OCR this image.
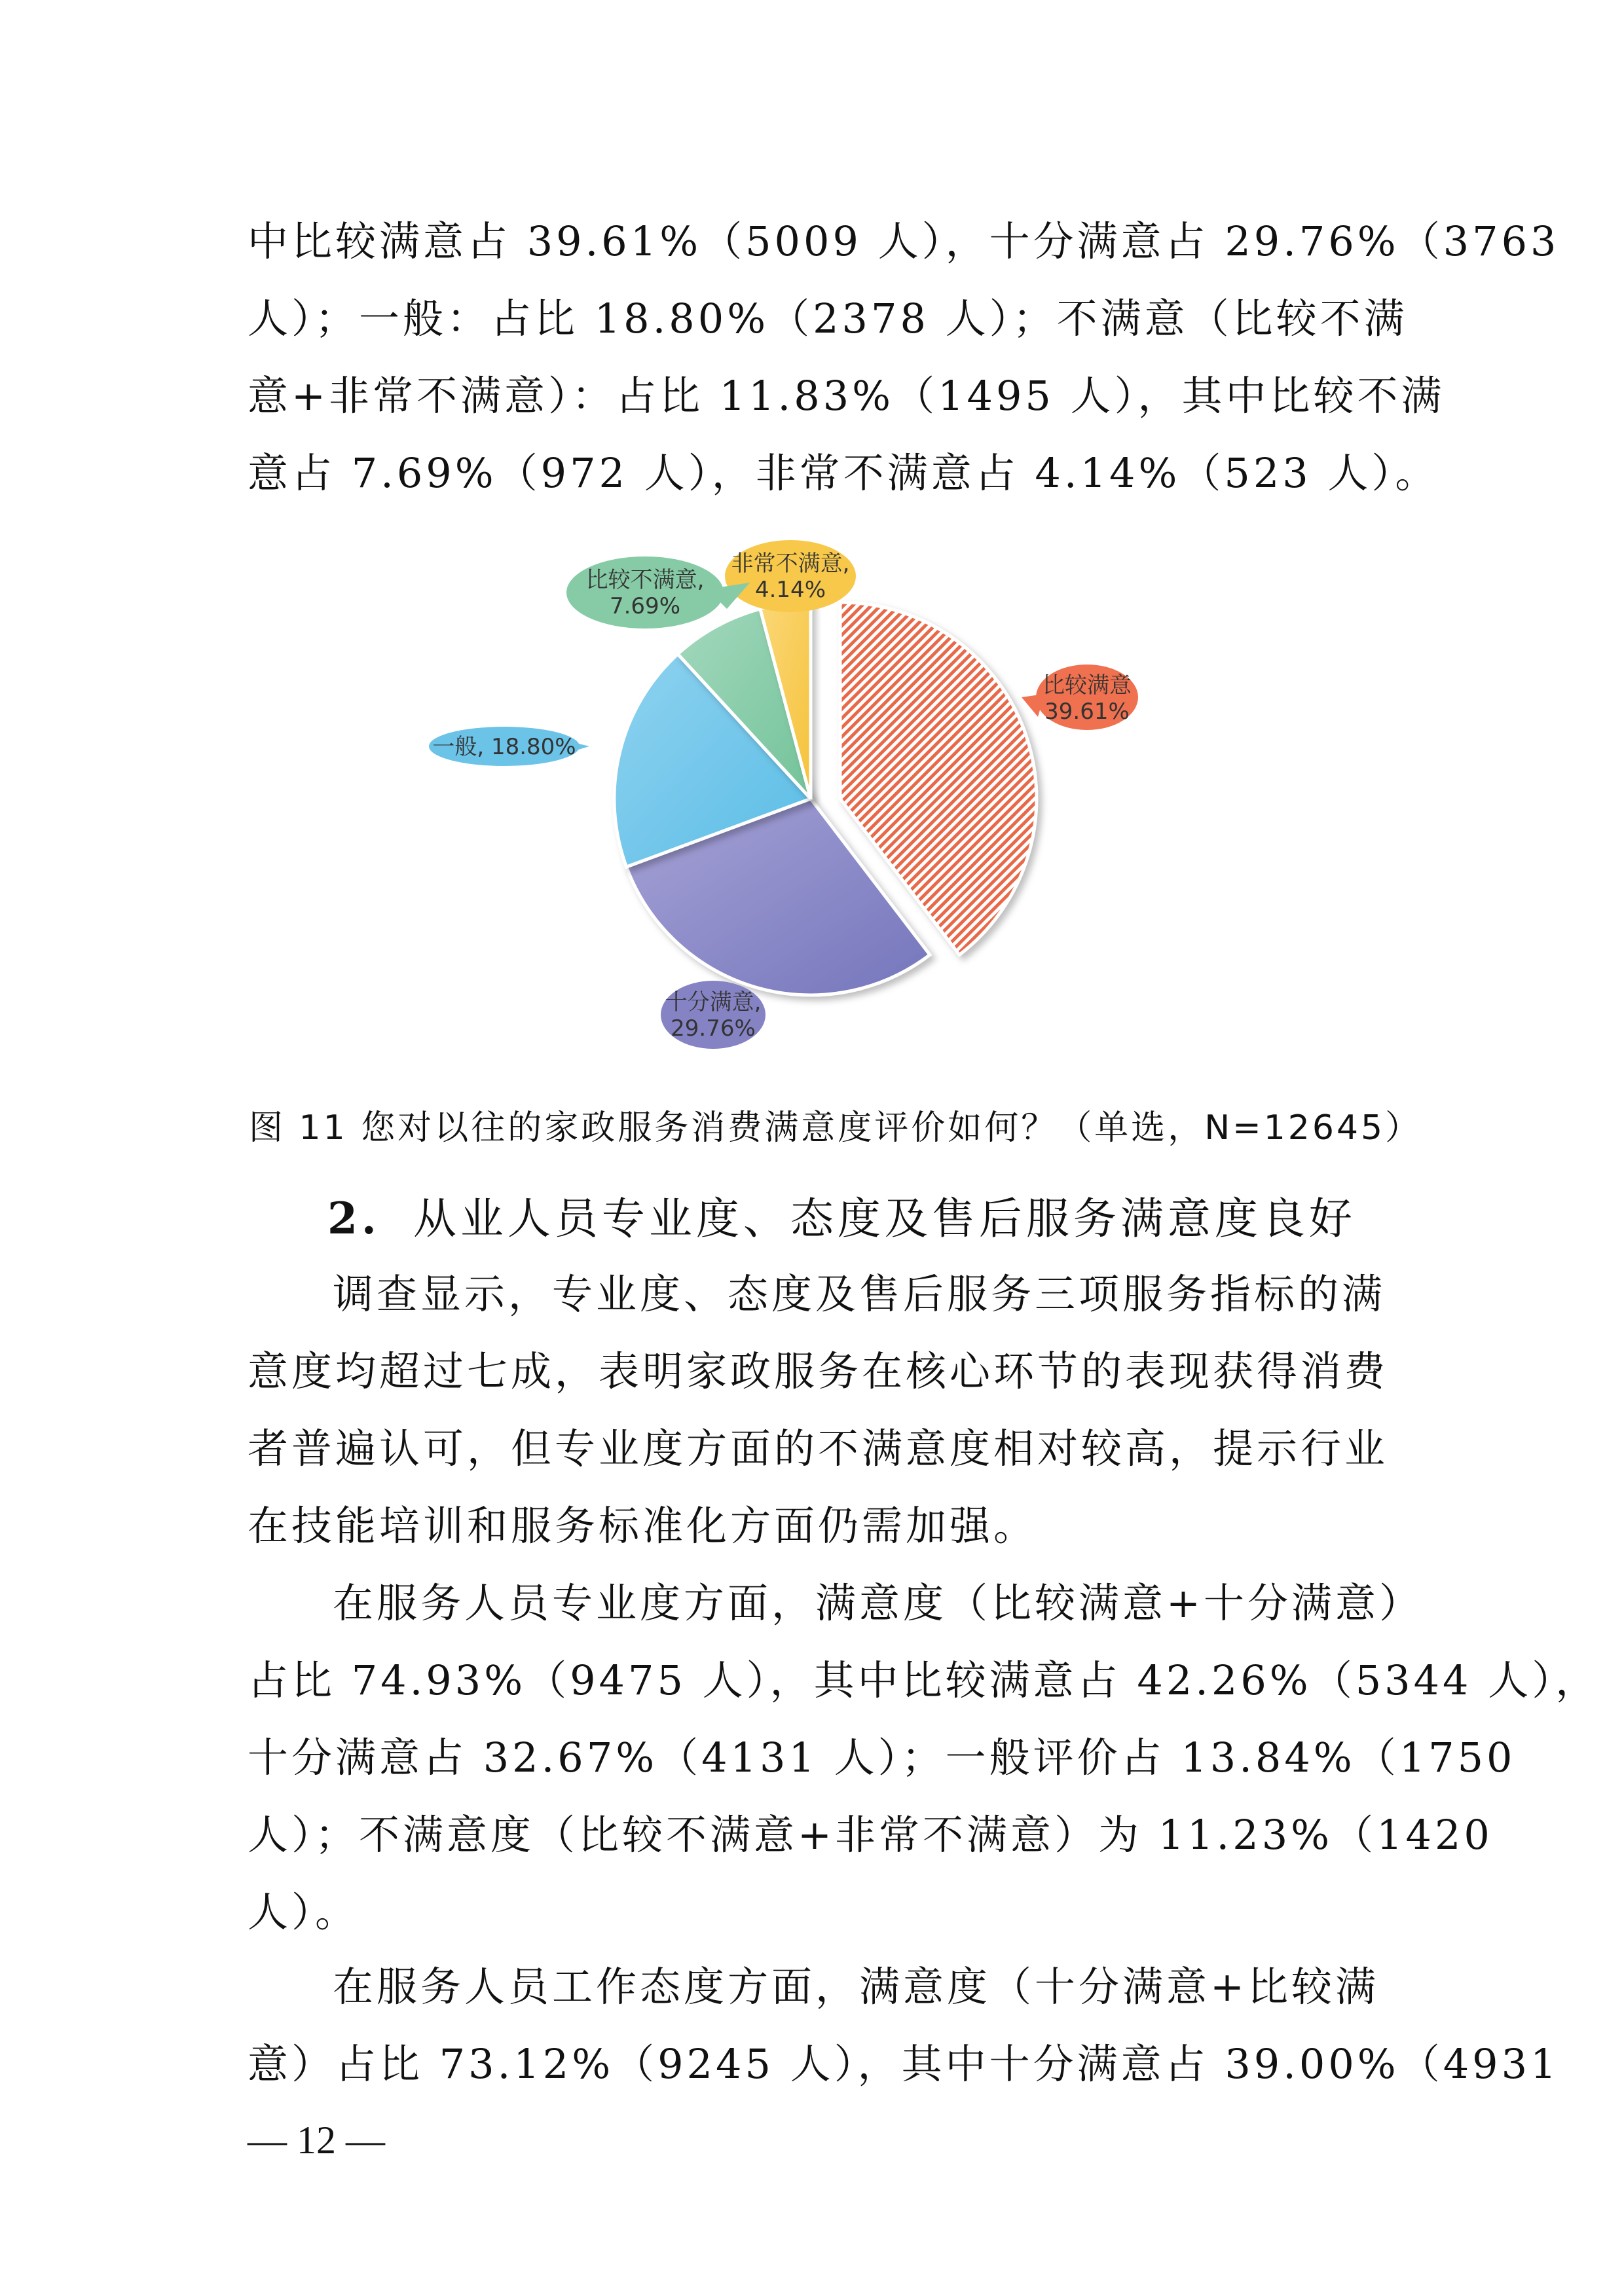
中比较满意占 39.61%（5009 人），十分满意占 29.76%（3763
人）；一般：占比 18.80%（2378 人）；不满意（比较不满
意+非常不满意）：占比 11.83%（1495 人），其中比较不满
意占 7.69%（972 人），非常不满意占 4.14%（523 人）。
非常不满意,
4.14%
比较不满意,
7.69%
一般, 18.80%
比较满意
39.61%
十分满意,
29.76%
图 11 您对以往的家政服务消费满意度评价如何？（单选，N=12645）
2. 从业人员专业度、态度及售后服务满意度良好
调查显示，专业度、态度及售后服务三项服务指标的满
意度均超过七成，表明家政服务在核心环节的表现获得消费
者普遍认可，但专业度方面的不满意度相对较高，提示行业
在技能培训和服务标准化方面仍需加强。
在服务人员专业度方面，满意度（比较满意+十分满意）
占比 74.93%（9475 人），其中比较满意占 42.26%（5344 人），
十分满意占 32.67%（4131 人）；一般评价占 13.84%（1750
人）；不满意度（比较不满意+非常不满意）为 11.23%（1420
人）。
在服务人员工作态度方面，满意度（十分满意+比较满
意）占比 73.12%（9245 人），其中十分满意占 39.00%（4931
— 12 —
